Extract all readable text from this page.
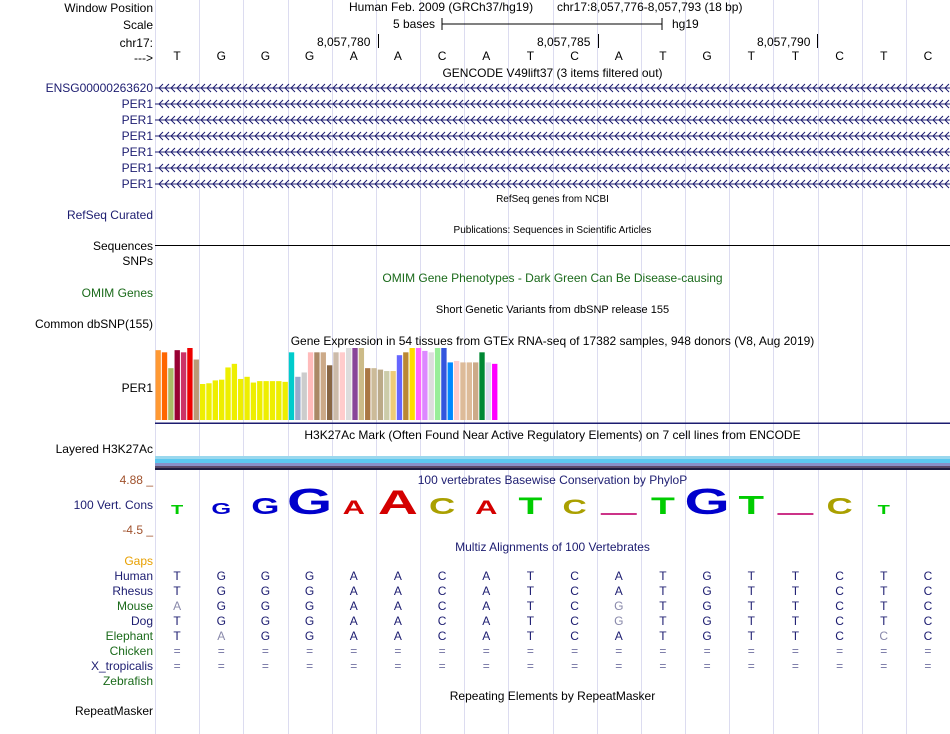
Window Position	Human Feb. 2009 (GRCh37/hg19) chr17:8,057,776-8,057,793 (18 bp)
Scale	5 bases	hg19
chr17:	8,057,780	8,057,785	8,057,790
--->	T	G	G	G	A	A	C	A	T	C	A	T	G	T	T	C	T	C
GENCODE V49lift37 (3 items filtered out)
ENSG00000263620
PER1
PER1
PER1
PER1
PER1
PER1
RefSeq genes from NCBI
RefSeq Curated
Publications: Sequences in Scientific Articles
Sequences
SNPs
OMIM Gene Phenotypes - Dark Green Can Be Disease-causing
OMIM Genes
Short Genetic Variants from dbSNP release 155
Common dbSNP(155)
Gene Expression in 54 tissues from GTEx RNA-seq of 17382 samples, 948 donors (V8, Aug 2019)
PER1
H3K27Ac Mark (Often Found Near Active Regulatory Elements) on 7 cell lines from ENCODE
Layered H3K27Ac
100 vertebrates Basewise Conservation by PhyloP
4.88 _
100 Vert. Cons
-4.5 _
T G G G A A C A T C	T G T	C T
Multiz Alignments of 100 Vertebrates
Gaps
Human	T	G	G	G	A	A	C	A	T	C	A	T	G	T	T	C	T	C
Rhesus	T	G	G	G	A	A	C	A	T	C	A	T	G	T	T	C	T	C
Mouse	A	G	G	G	A	A	C	A	T	C	G	T	G	T	T	C	T	C
Dog	T	G	G	G	A	A	C	A	T	C	G	T	G	T	T	C	T	C
Elephant	T	A	G	G	A	A	C	A	T	C	A	T	G	T	T	C	C	C
Chicken	=	=	=	=	=	=	=	=	=	=	=	=	=	=	=	=	=	=
X_tropicalis	=	=	=	=	=	=	=	=	=	=	=	=	=	=	=	=	=	=
Zebrafish
Repeating Elements by RepeatMasker
RepeatMasker
